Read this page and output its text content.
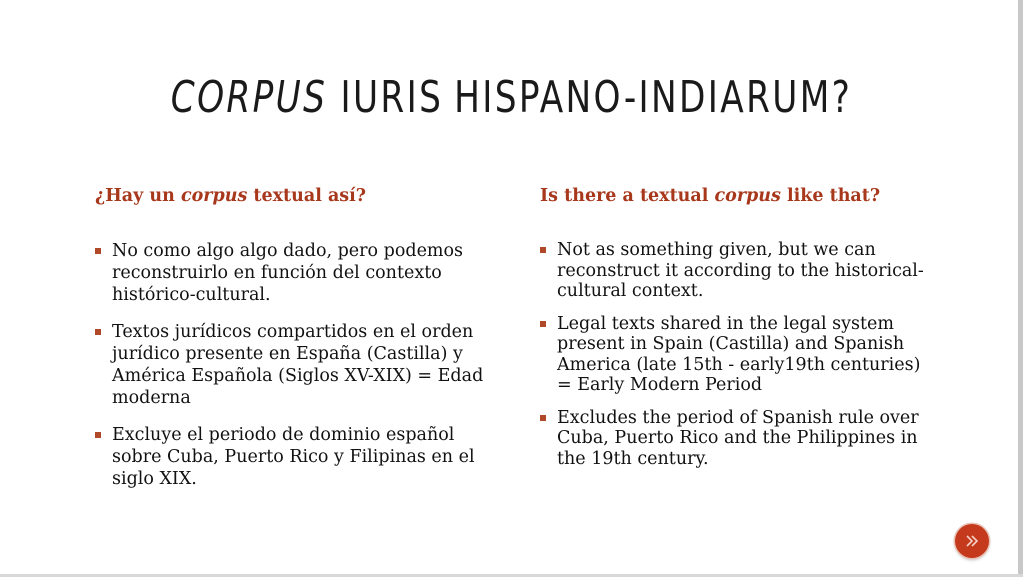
CORPUS IURIS HISPANO-INDIARUM?
¿Hay un corpus textual así?
No como algo algo dado, pero podemos reconstruirlo en función del contexto histórico-cultural.
Textos jurídicos compartidos en el orden jurídico presente en España (Castilla) y América Española (Siglos XV-XIX) = Edad moderna
Excluye el periodo de dominio español sobre Cuba, Puerto Rico y Filipinas en el siglo XIX.
Is there a textual corpus like that?
Not as something given, but we can reconstruct it according to the historical-cultural context.
Legal texts shared in the legal system present in Spain (Castilla) and Spanish America (late 15th - early19th centuries) = Early Modern Period
Excludes the period of Spanish rule over Cuba, Puerto Rico and the Philippines in the 19th century.
